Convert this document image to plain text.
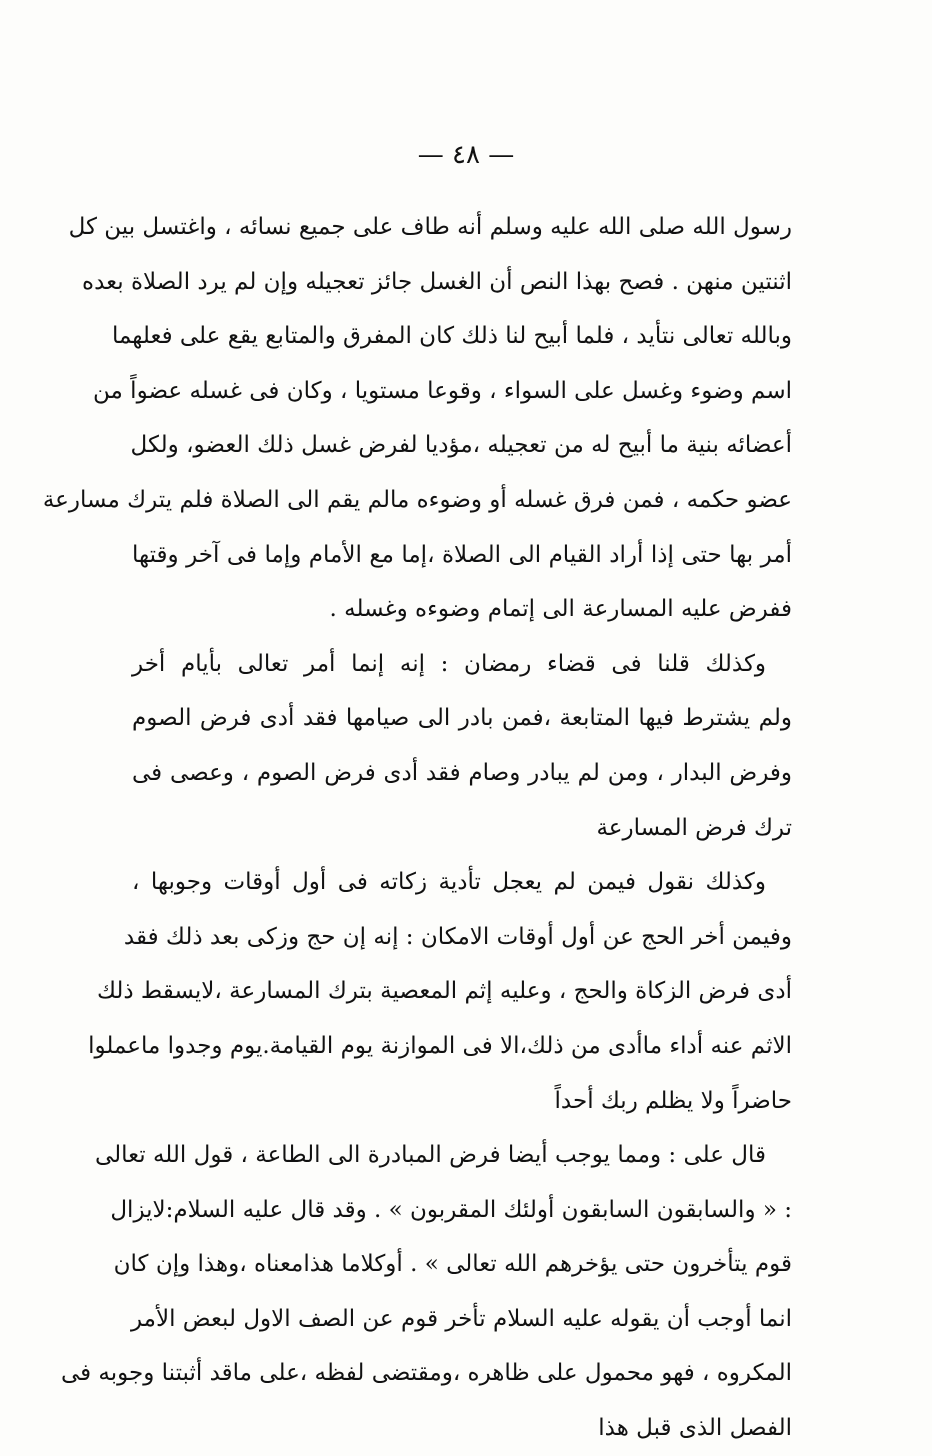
— ٤٨ —
رسول الله صلى الله عليه وسلم أنه طاف على جميع نسائه ، واغتسل بين كل
اثنتين منهن . فصح بهذا النص أن الغسل جائز تعجيله وإن لم يرد الصلاة بعده
وبالله تعالى نتأيد ، فلما أبيح لنا ذلك كان المفرق والمتابع يقع على فعلهما
اسم وضوء وغسل على السواء ، وقوعا مستويا ، وكان فى غسله عضواً من
أعضائه بنية ما أبيح له من تعجيله ،مؤديا لفرض غسل ذلك العضو، ولكل
عضو حكمه ، فمن فرق غسله أو وضوءه مالم يقم الى الصلاة فلم يترك مسارعة
أمر بها حتى إذا أراد القيام الى الصلاة ،إما مع الأمام وإما فى آخر وقتها
ففرض عليه المسارعة الى إتمام وضوءه وغسله .
وكذلك قلنا فى قضاء رمضان : إنه إنما أمر تعالى بأيام أخر
ولم يشترط فيها المتابعة ،فمن بادر الى صيامها فقد أدى فرض الصوم
وفرض البدار ، ومن لم يبادر وصام فقد أدى فرض الصوم ، وعصى فى
ترك فرض المسارعة
وكذلك نقول فيمن لم يعجل تأدية زكاته فى أول أوقات وجوبها ،
وفيمن أخر الحج عن أول أوقات الامكان : إنه إن حج وزكى بعد ذلك فقد
أدى فرض الزكاة والحج ، وعليه إثم المعصية بترك المسارعة ،لايسقط ذلك
الاثم عنه أداء ماأدى من ذلك،الا فى الموازنة يوم القيامة.يوم وجدوا ماعملوا
حاضراً ولا يظلم ربك أحداً
قال على : ومما يوجب أيضا فرض المبادرة الى الطاعة ، قول الله تعالى
: « والسابقون السابقون أولئك المقربون » . وقد قال عليه السلام:لايزال
قوم يتأخرون حتى يؤخرهم الله تعالى » . أوكلاما هذامعناه ،وهذا وإن كان
انما أوجب أن يقوله عليه السلام تأخر قوم عن الصف الاول لبعض الأمر
المكروه ، فهو محمول على ظاهره ،ومقتضى لفظه ،على ماقد أثبتنا وجوبه فى
الفصل الذى قبل هذا
